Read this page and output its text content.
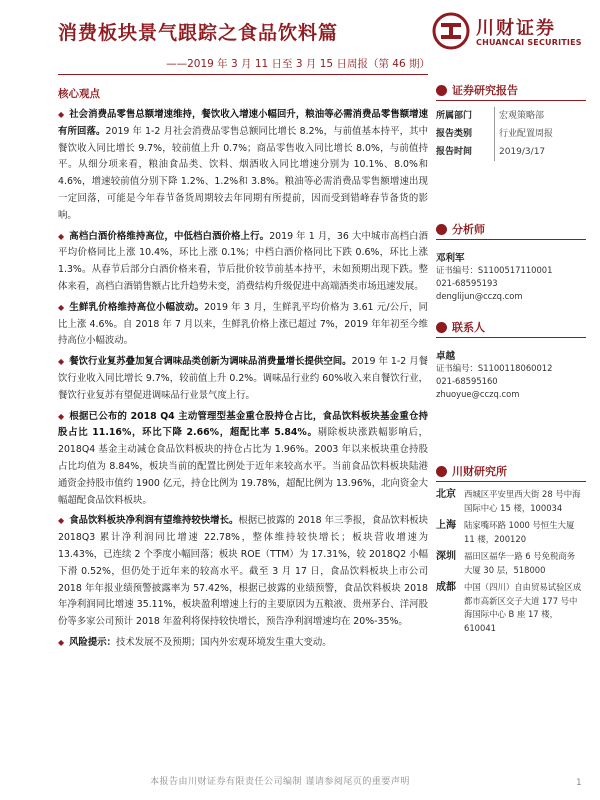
消费板块景气跟踪之食品饮料篇
——2019 年 3 月 11 日至 3 月 15 日周报（第 46 期）
川财证券
CHUANCAI SECURITIES
核心观点
◆ 社会消费品零售总额增速维持，餐饮收入增速小幅回升，粮油等必需消费品零售额增速有所回落。2019 年 1-2 月社会消费品零售总额同比增长 8.2%，与前值基本持平，其中餐饮收入同比增长 9.7%，较前值上升 0.7%；商品零售收入同比增长 8.0%，与前值持平。从细分项来看，粮油食品类、饮料、烟酒收入同比增速分别为 10.1%、8.0%和 4.6%，增速较前值分别下降 1.2%、1.2%和 3.8%。粮油等必需消费品零售额增速出现一定回落，可能是今年春节备货周期较去年同期有所提前，因而受到错峰春节备货的影响。
◆ 高档白酒价格维持高位，中低档白酒价格上行。2019 年 1 月，36 大中城市高档白酒平均价格同比上涨 10.4%，环比上涨 0.1%；中档白酒价格同比下跌 0.6%，环比上涨 1.3%。从春节后部分白酒价格来看，节后批价较节前基本持平，未如预期出现下跌。整体来看，高档白酒销售额占比升趋势未变，消费结构升级促进中高端酒类市场迅速发展。
◆ 生鲜乳价格维持高位小幅波动。2019 年 3 月，生鲜乳平均价格为 3.61 元/公斤，同比上涨 4.6%。自 2018 年 7 月以来，生鲜乳价格上涨已超过 7%，2019 年年初至今维持高位小幅波动。
◆ 餐饮行业复苏叠加复合调味品类创新为调味品消费量增长提供空间。2019 年 1-2 月餐饮行业收入同比增长 9.7%，较前值上升 0.2%。调味品行业约 60%收入来自餐饮行业，餐饮行业复苏有望促进调味品行业景气度上行。
◆ 根据已公布的 2018 Q4 主动管理型基金重仓股持仓占比，食品饮料板块基金重仓持股占比 11.16%，环比下降 2.66%，超配比率 5.84%。剔除板块涨跌幅影响后，2018Q4 基金主动减仓食品饮料板块的持仓占比为 1.96%。2003 年以来板块重仓持股占比均值为 8.84%，板块当前的配置比例处于近年来较高水平。当前食品饮料板块陆港通资金持股市值约 1900 亿元，持仓比例为 19.78%，超配比例为 13.96%，北向资金大幅超配食品饮料板块。
◆ 食品饮料板块净利润有望维持较快增长。根据已披露的 2018 年三季报，食品饮料板块 2018Q3 累计净利润同比增速 22.78%，整体维持较快增长；板块营收增速为 13.43%，已连续 2 个季度小幅回落；板块 ROE（TTM）为 17.31%，较 2018Q2 小幅下滑 0.52%，但仍处于近年来的较高水平。截至 3 月 17 日，食品饮料板块上市公司 2018 年年报业绩预警披露率为 57.42%，根据已披露的业绩预警，食品饮料板块 2018 年净利润同比增速 35.11%，板块盈利增速上行的主要原因为五粮液、贵州茅台、洋河股份等多家公司预计 2018 年盈利将保持较快增长，预告净利润增速均在 20%-35%。
◆ 风险提示：技术发展不及预期；国内外宏观环境发生重大变动。
证券研究报告
所属部门	宏观策略部
报告类别	行业配置周报
报告时间	2019/3/17
分析师
邓利军
证书编号：S1100517110001
021-68595193
denglijun@cczq.com
联系人
卓越
证书编号：S1100118060012
021-68595160
zhuoyue@cczq.com
川财研究所
北京 西城区平安里西大街 28 号中海国际中心 15 楼，100034
上海 陆家嘴环路 1000 号恒生大厦 11 楼，200120
深圳 福田区福华一路 6 号免税商务大厦 30 层，518000
成都 中国（四川）自由贸易试验区成都市高新区交子大道 177 号中海国际中心 B 座 17 楼，610041
本报告由川财证券有限责任公司编制 谨请参阅尾页的重要声明	1
